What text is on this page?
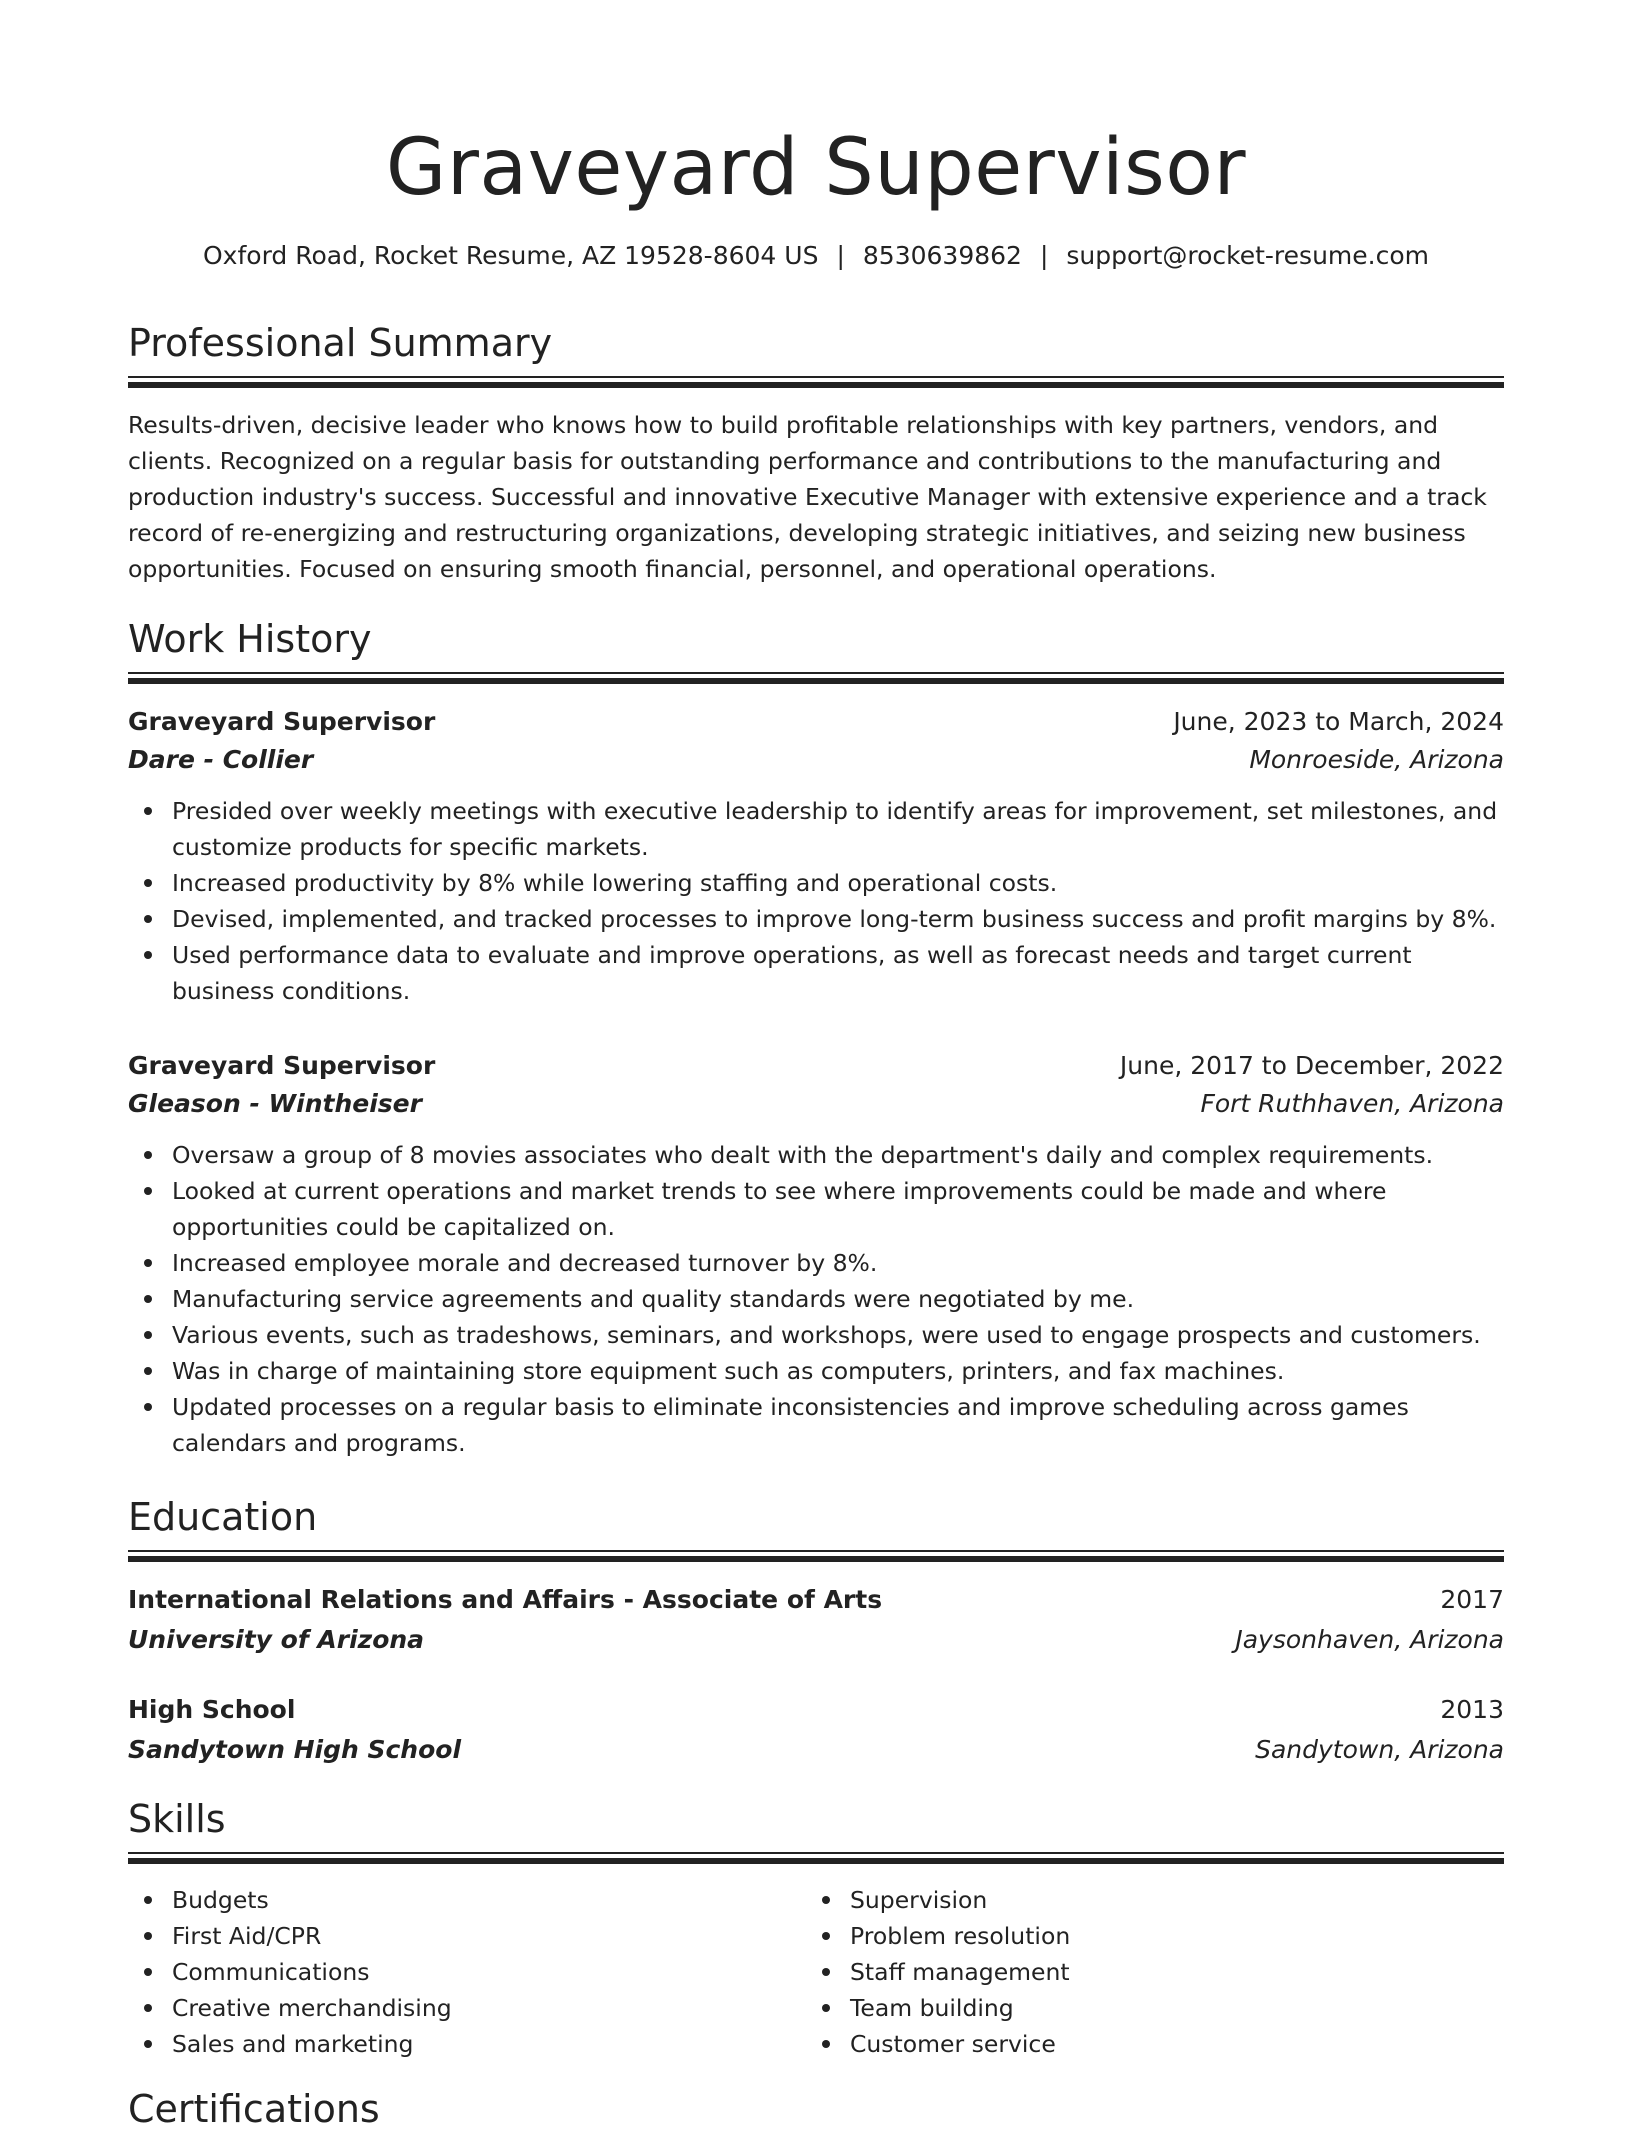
Graveyard Supervisor
Oxford Road, Rocket Resume, AZ 19528-8604 US | 8530639862 | support@rocket-resume.com
Professional Summary

Results-driven, decisive leader who knows how to build profitable relationships with key partners, vendors, and clients. Recognized on a regular basis for outstanding performance and contributions to the manufacturing and production industry's success. Successful and innovative Executive Manager with extensive experience and a track record of re-energizing and restructuring organizations, developing strategic initiatives, and seizing new business opportunities. Focused on ensuring smooth financial, personnel, and operational operations.

Work History
Graveyard Supervisor	June, 2023 to March, 2024
Dare - Collier	Monroeside, Arizona
Presided over weekly meetings with executive leadership to identify areas for improvement, set milestones, and customize products for specific markets.
Increased productivity by 8% while lowering staffing and operational costs.
Devised, implemented, and tracked processes to improve long-term business success and profit margins by 8%.
Used performance data to evaluate and improve operations, as well as forecast needs and target current business conditions.
Graveyard Supervisor	June, 2017 to December, 2022
Gleason - Wintheiser	Fort Ruthhaven, Arizona
Oversaw a group of 8 movies associates who dealt with the department's daily and complex requirements.
Looked at current operations and market trends to see where improvements could be made and where opportunities could be capitalized on.
Increased employee morale and decreased turnover by 8%.
Manufacturing service agreements and quality standards were negotiated by me.
Various events, such as tradeshows, seminars, and workshops, were used to engage prospects and customers.
Was in charge of maintaining store equipment such as computers, printers, and fax machines.
Updated processes on a regular basis to eliminate inconsistencies and improve scheduling across games calendars and programs.
Education
International Relations and Affairs - Associate of Arts	2017
University of Arizona	Jaysonhaven, Arizona
High School	2013
Sandytown High School	Sandytown, Arizona
Skills
Budgets
First Aid/CPR
Communications
Creative merchandising
Sales and marketing
Supervision
Problem resolution
Staff management
Team building
Customer service
Certifications
